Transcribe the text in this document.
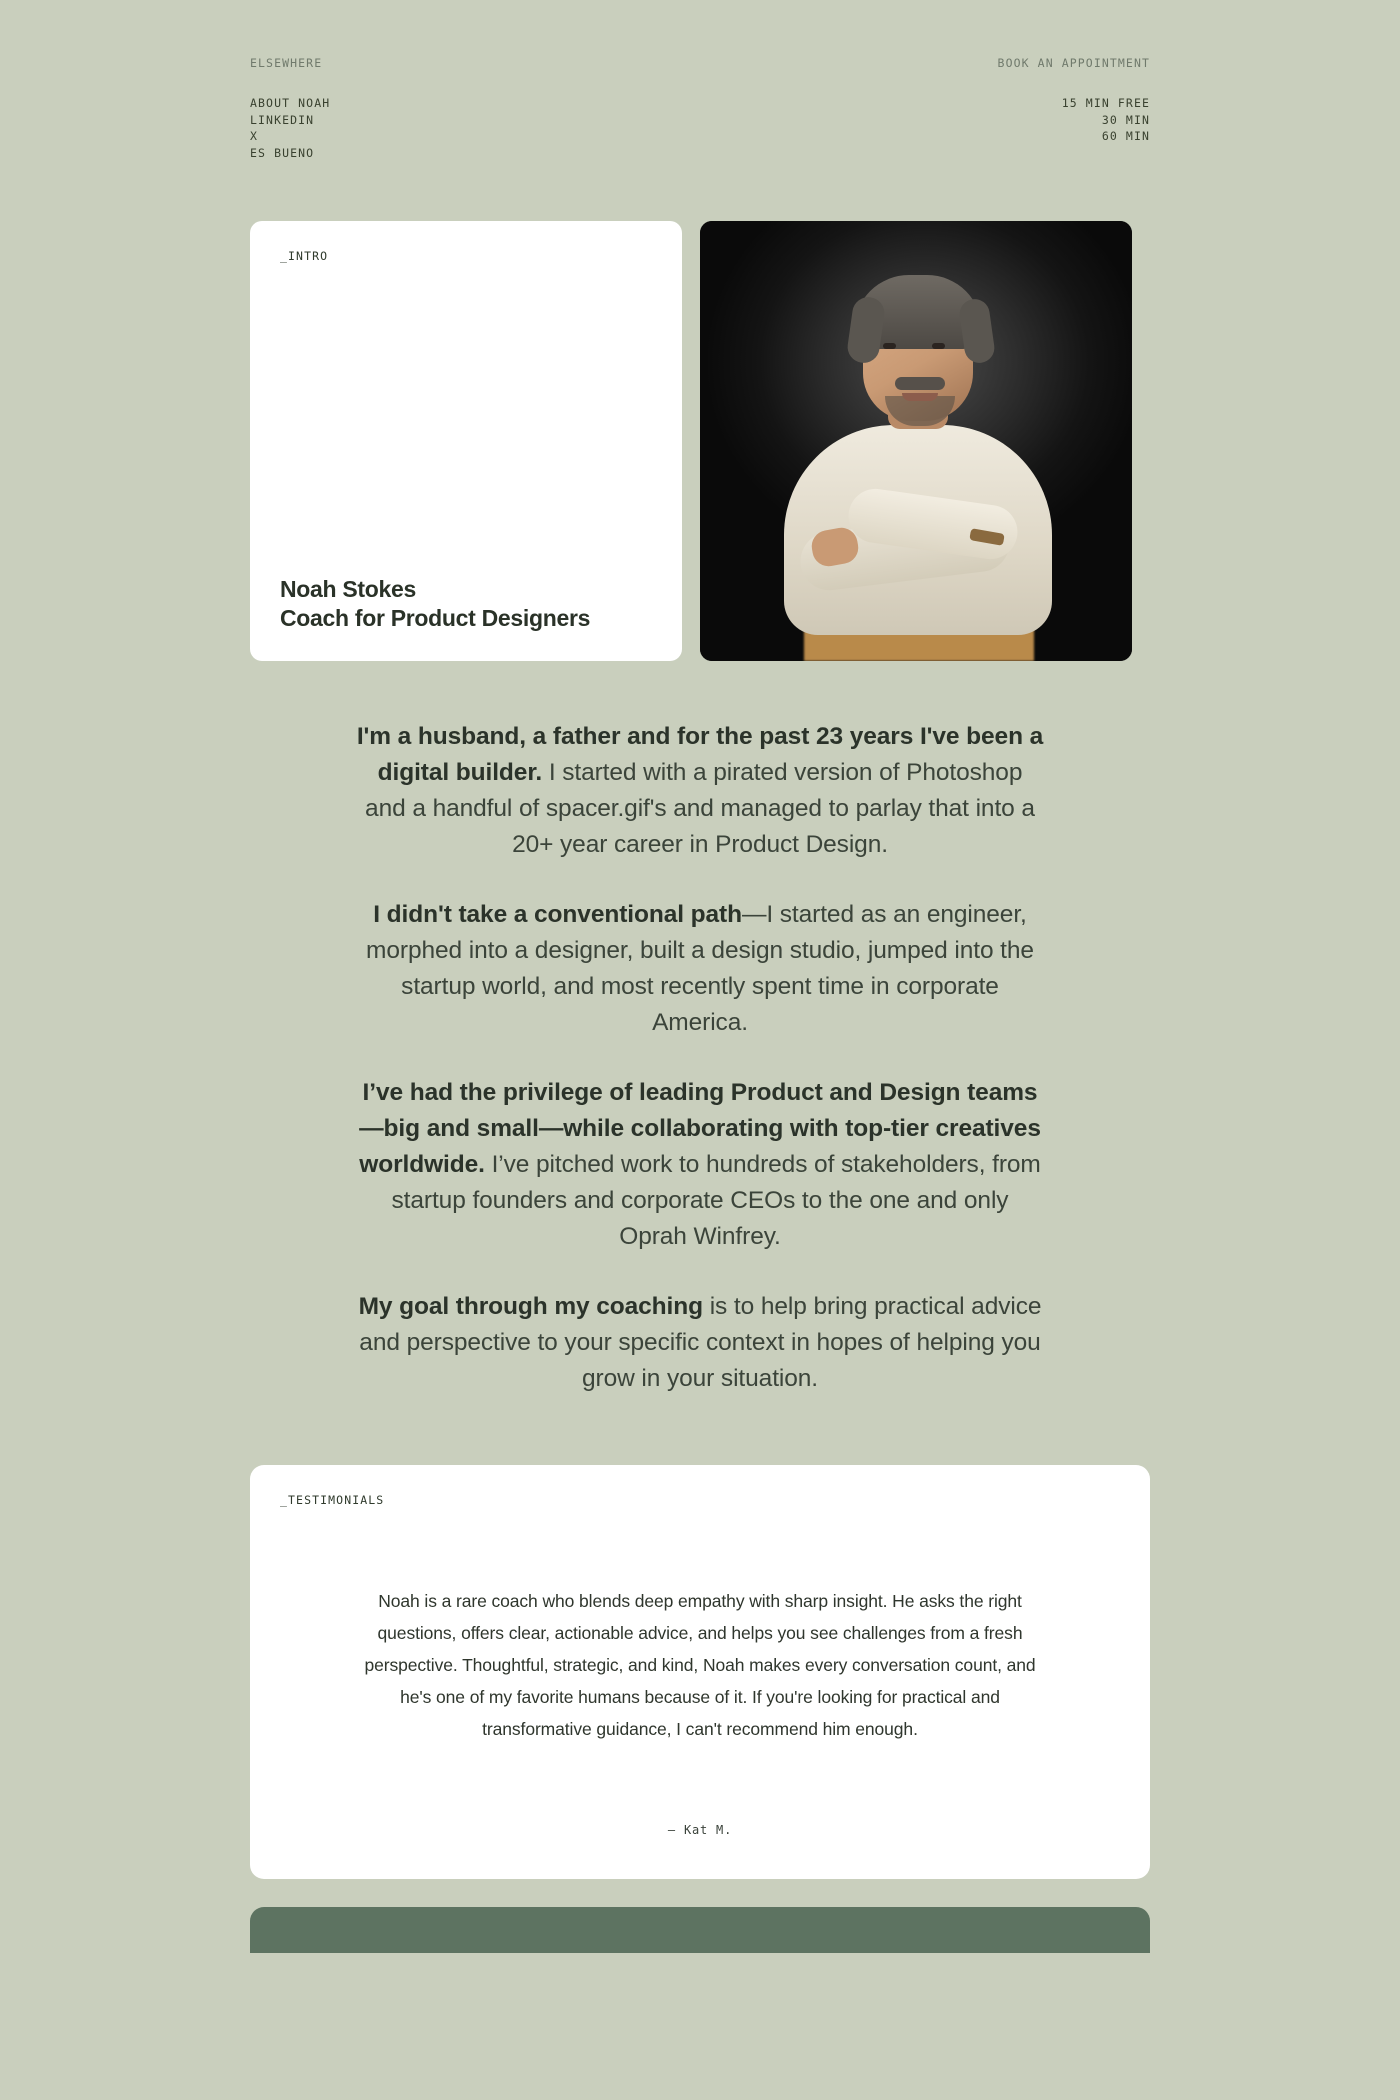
ELSEWHERE
ABOUT NOAH
LINKEDIN
X
ES BUENO
BOOK AN APPOINTMENT
15 MIN FREE
30 MIN
60 MIN
_INTRO
Noah Stokes
Coach for Product Designers

I'm a husband, a father and for the past 23 years I've been a digital builder. I started with a pirated version of Photoshop and a handful of spacer.gif's and managed to parlay that into a 20+ year career in Product Design.

I didn't take a conventional path—I started as an engineer, morphed into a designer, built a design studio, jumped into the startup world, and most recently spent time in corporate America.

I’ve had the privilege of leading Product and Design teams—big and small—while collaborating with top-tier creatives worldwide. I’ve pitched work to hundreds of stakeholders, from startup founders and corporate CEOs to the one and only Oprah Winfrey.

My goal through my coaching is to help bring practical advice and perspective to your specific context in hopes of helping you grow in your situation.

_TESTIMONIALS
Noah is a rare coach who blends deep empathy with sharp insight. He asks the right questions, offers clear, actionable advice, and helps you see challenges from a fresh perspective. Thoughtful, strategic, and kind, Noah makes every conversation count, and he's one of my favorite humans because of it. If you're looking for practical and transformative guidance, I can't recommend him enough.
– Kat M.
